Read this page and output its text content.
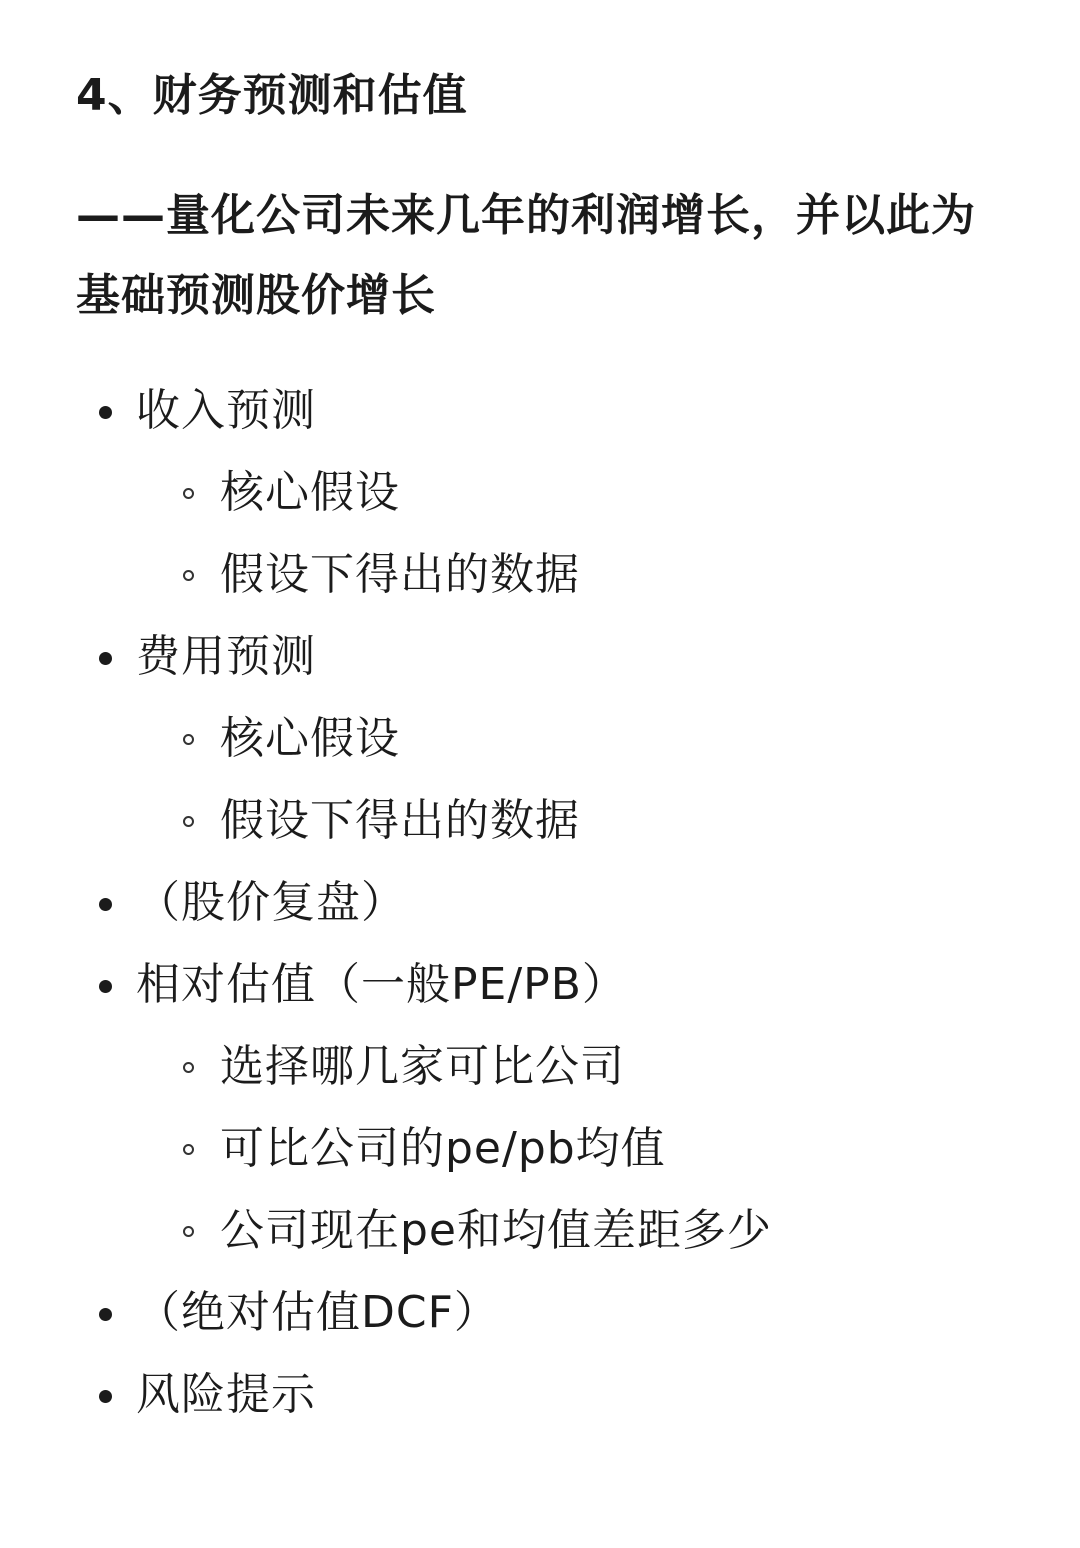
4、财务预测和估值

——量化公司未来几年的利润增长，并以此为基础预测股价增长

收入预测
核心假设
假设下得出的数据
费用预测
核心假设
假设下得出的数据
（股价复盘）
相对估值（一般PE/PB）
选择哪几家可比公司
可比公司的pe/pb均值
公司现在pe和均值差距多少
（绝对估值DCF）
风险提示
